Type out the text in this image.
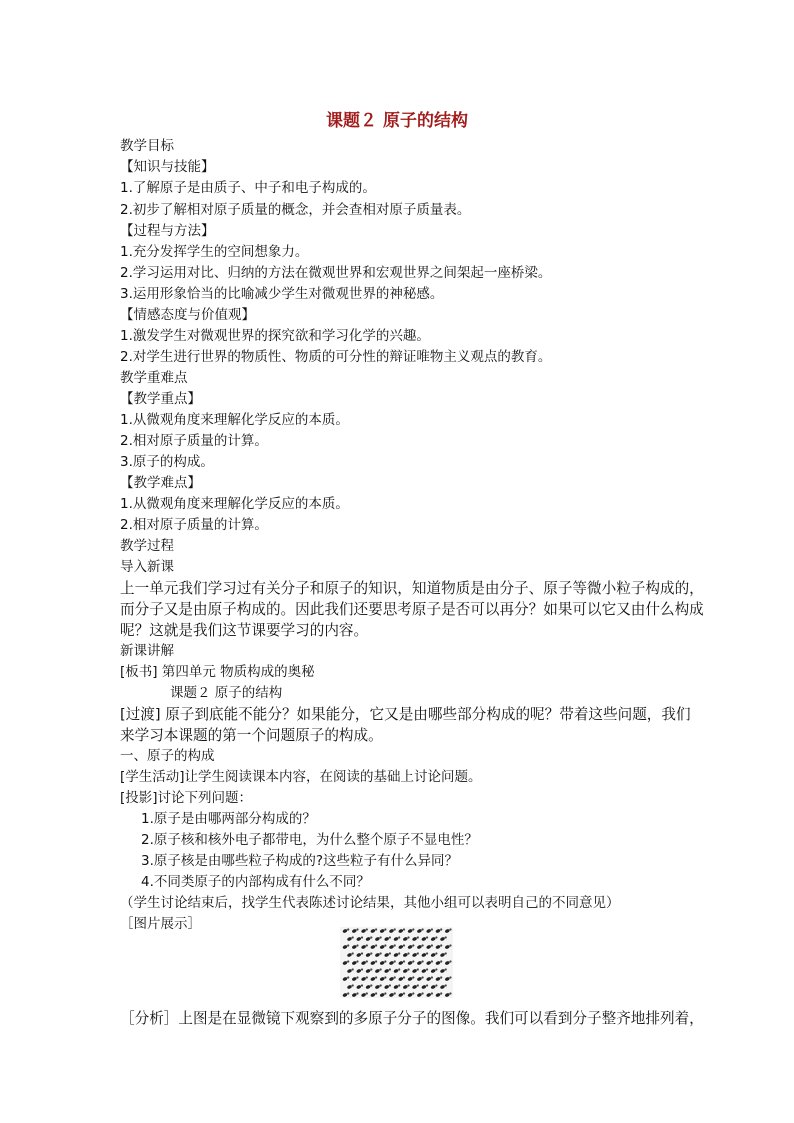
课题２ 原子的结构
教学目标
【知识与技能】
1.了解原子是由质子、中子和电子构成的。
2.初步了解相对原子质量的概念，并会查相对原子质量表。
【过程与方法】
1.充分发挥学生的空间想象力。
2.学习运用对比、归纳的方法在微观世界和宏观世界之间架起一座桥梁。
3.运用形象恰当的比喻减少学生对微观世界的神秘感。
【情感态度与价值观】
1.激发学生对微观世界的探究欲和学习化学的兴趣。
2.对学生进行世界的物质性、物质的可分性的辩证唯物主义观点的教育。
教学重难点
【教学重点】
1.从微观角度来理解化学反应的本质。
2.相对原子质量的计算。
3.原子的构成。
【教学难点】
1.从微观角度来理解化学反应的本质。
2.相对原子质量的计算。
教学过程
导入新课
上一单元我们学习过有关分子和原子的知识，知道物质是由分子、原子等微小粒子构成的，
而分子又是由原子构成的。因此我们还要思考原子是否可以再分？如果可以它又由什么构成
呢？这就是我们这节课要学习的内容。
新课讲解
[板书] 第四单元 物质构成的奥秘
课题２ 原子的结构
[过渡] 原子到底能不能分？如果能分，它又是由哪些部分构成的呢？带着这些问题，我们
来学习本课题的第一个问题原子的构成。
一、原子的构成
[学生活动]让学生阅读课本内容，在阅读的基础上讨论问题。
[投影]讨论下列问题：
1.原子是由哪两部分构成的？
2.原子核和核外电子都带电，为什么整个原子不显电性？
3.原子核是由哪些粒子构成的?这些粒子有什么异同？
4.不同类原子的内部构成有什么不同？
（学生讨论结束后，找学生代表陈述讨论结果，其他小组可以表明自己的不同意见）
［图片展示］
［分析］上图是在显微镜下观察到的多原子分子的图像。我们可以看到分子整齐地排列着，
